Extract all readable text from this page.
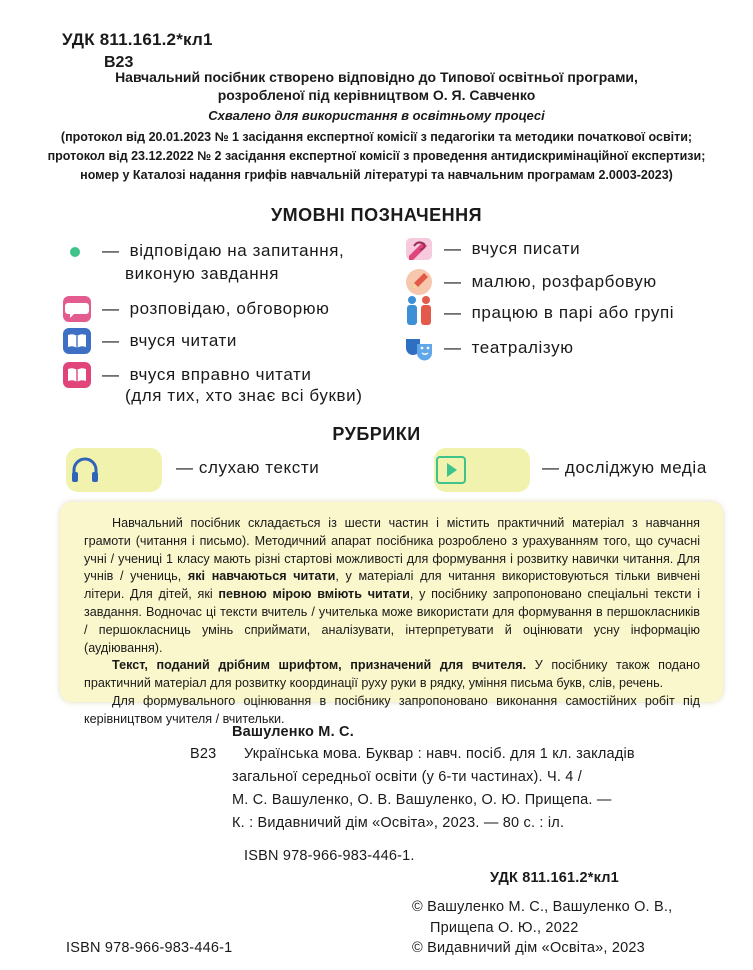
УДК 811.161.2*кл1
В23
Навчальний посібник створено відповідно до Типової освітньої програми,
розробленої під керівництвом О. Я. Савченко
Схвалено для використання в освітньому процесі
(протокол від 20.01.2023 № 1 засідання експертної комісії з педагогіки та методики початкової освіти;
протокол від 23.12.2022 № 2 засідання експертної комісії з проведення антидискримінаційної експертизи;
номер у Каталозі надання грифів навчальній літературі та навчальним програмам 2.0003-2023)
УМОВНІ ПОЗНАЧЕННЯ
— відповідаю на запитання,
виконую завдання
— розповідаю, обговорюю
— вчуся читати
— вчуся вправно читати
(для тих, хто знає всі букви)
— вчуся писати
— малюю, розфарбовую
— працюю в парі або групі
— театралізую
РУБРИКИ
— слухаю тексти	— досліджую медіа

Навчальний посібник складається із шести частин і містить практичний матеріал з навчання грамоти (читання і письмо). Методичний апарат посібника розроблено з урахуванням того, що сучасні учні / учениці 1 класу мають різні стартові можливості для формування і розвитку навички читання. Для учнів / учениць, які навчаються читати, у матеріалі для читання використовуються тільки вивчені літери. Для дітей, які певною мірою вміють читати, у посібнику запропоновано спеціальні тексти і завдання. Водночас ці тексти вчитель / учителька може використати для формування в першокласників / першокласниць умінь сприймати, аналізувати, інтерпретувати й оцінювати усну інформацію (аудіювання).

Текст, поданий дрібним шрифтом, призначений для вчителя. У посібнику також подано практичний матеріал для розвитку координації руху руки в рядку, уміння письма букв, слів, речень.

Для формувального оцінювання в посібнику запропоновано виконання самостійних робіт під керівництвом учителя / вчительки.

Вашуленко М. С.
В23 Українська мова. Буквар : навч. посіб. для 1 кл. закладів
загальної середньої освіти (у 6-ти частинах). Ч. 4 /
М. С. Вашуленко, О. В. Вашуленко, О. Ю. Прищепа. —
К. : Видавничий дім «Освіта», 2023. — 80 с. : іл.
ISBN 978-966-983-446-1.
УДК 811.161.2*кл1
© Вашуленко М. С., Вашуленко О. В.,
Прищепа О. Ю., 2022
ISBN 978-966-983-446-1	© Видавничий дім «Освіта», 2023
